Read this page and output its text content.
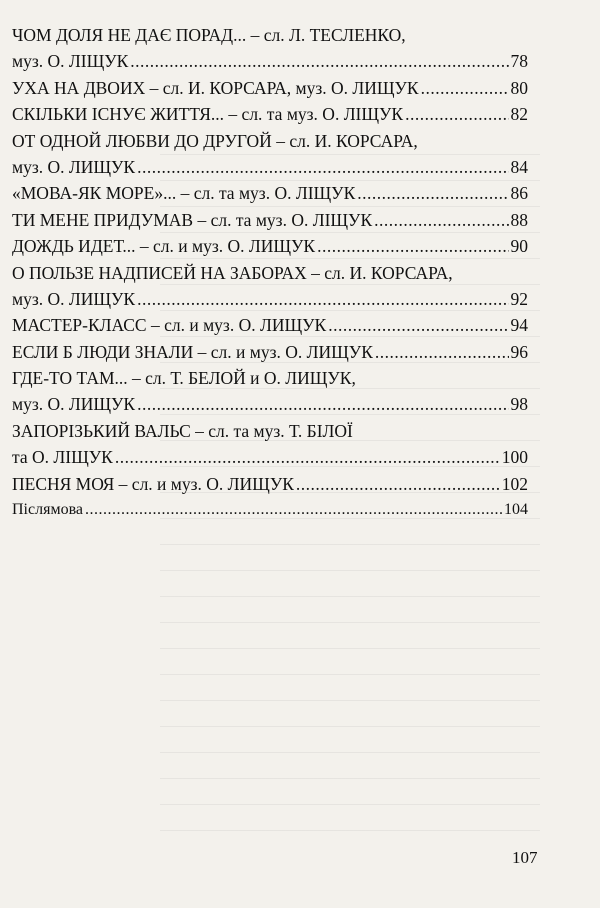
ЧОМ ДОЛЯ НЕ ДАЄ ПОРАД... – сл. Л. ТЕСЛЕНКО,
муз. О. ЛІЩУК .....	78
УХА НА ДВОИХ – сл. И. КОРСАРА, муз. О. ЛИЩУК .....	80
СКІЛЬКИ ІСНУЄ ЖИТТЯ... – сл. та муз. О. ЛІЩУК .....	82
ОТ ОДНОЙ ЛЮБВИ ДО ДРУГОЙ – сл. И. КОРСАРА,
муз. О. ЛИЩУК .....	84
«МОВА-ЯК МОРЕ»... – сл. та муз. О. ЛІЩУК .....	86
ТИ МЕНЕ ПРИДУМАВ – сл. та муз. О. ЛІЩУК .....	88
ДОЖДЬ ИДЕТ... – сл. и муз. О. ЛИЩУК .....	90
О ПОЛЬЗЕ НАДПИСЕЙ НА ЗАБОРАХ – сл. И. КОРСАРА,
муз. О. ЛИЩУК .....	92
МАСТЕР-КЛАСС – сл. и муз. О. ЛИЩУК .....	94
ЕСЛИ Б ЛЮДИ ЗНАЛИ – сл. и муз. О. ЛИЩУК .....	96
ГДЕ-ТО ТАМ... – сл. Т. БЕЛОЙ и О. ЛИЩУК,
муз. О. ЛИЩУК .....	98
ЗАПОРІЗЬКИЙ ВАЛЬС – сл. та муз. Т. БІЛОЇ
та О. ЛІЩУК .....	100
ПЕСНЯ МОЯ – сл. и муз. О. ЛИЩУК .....	102
Післямова .....	104
107
